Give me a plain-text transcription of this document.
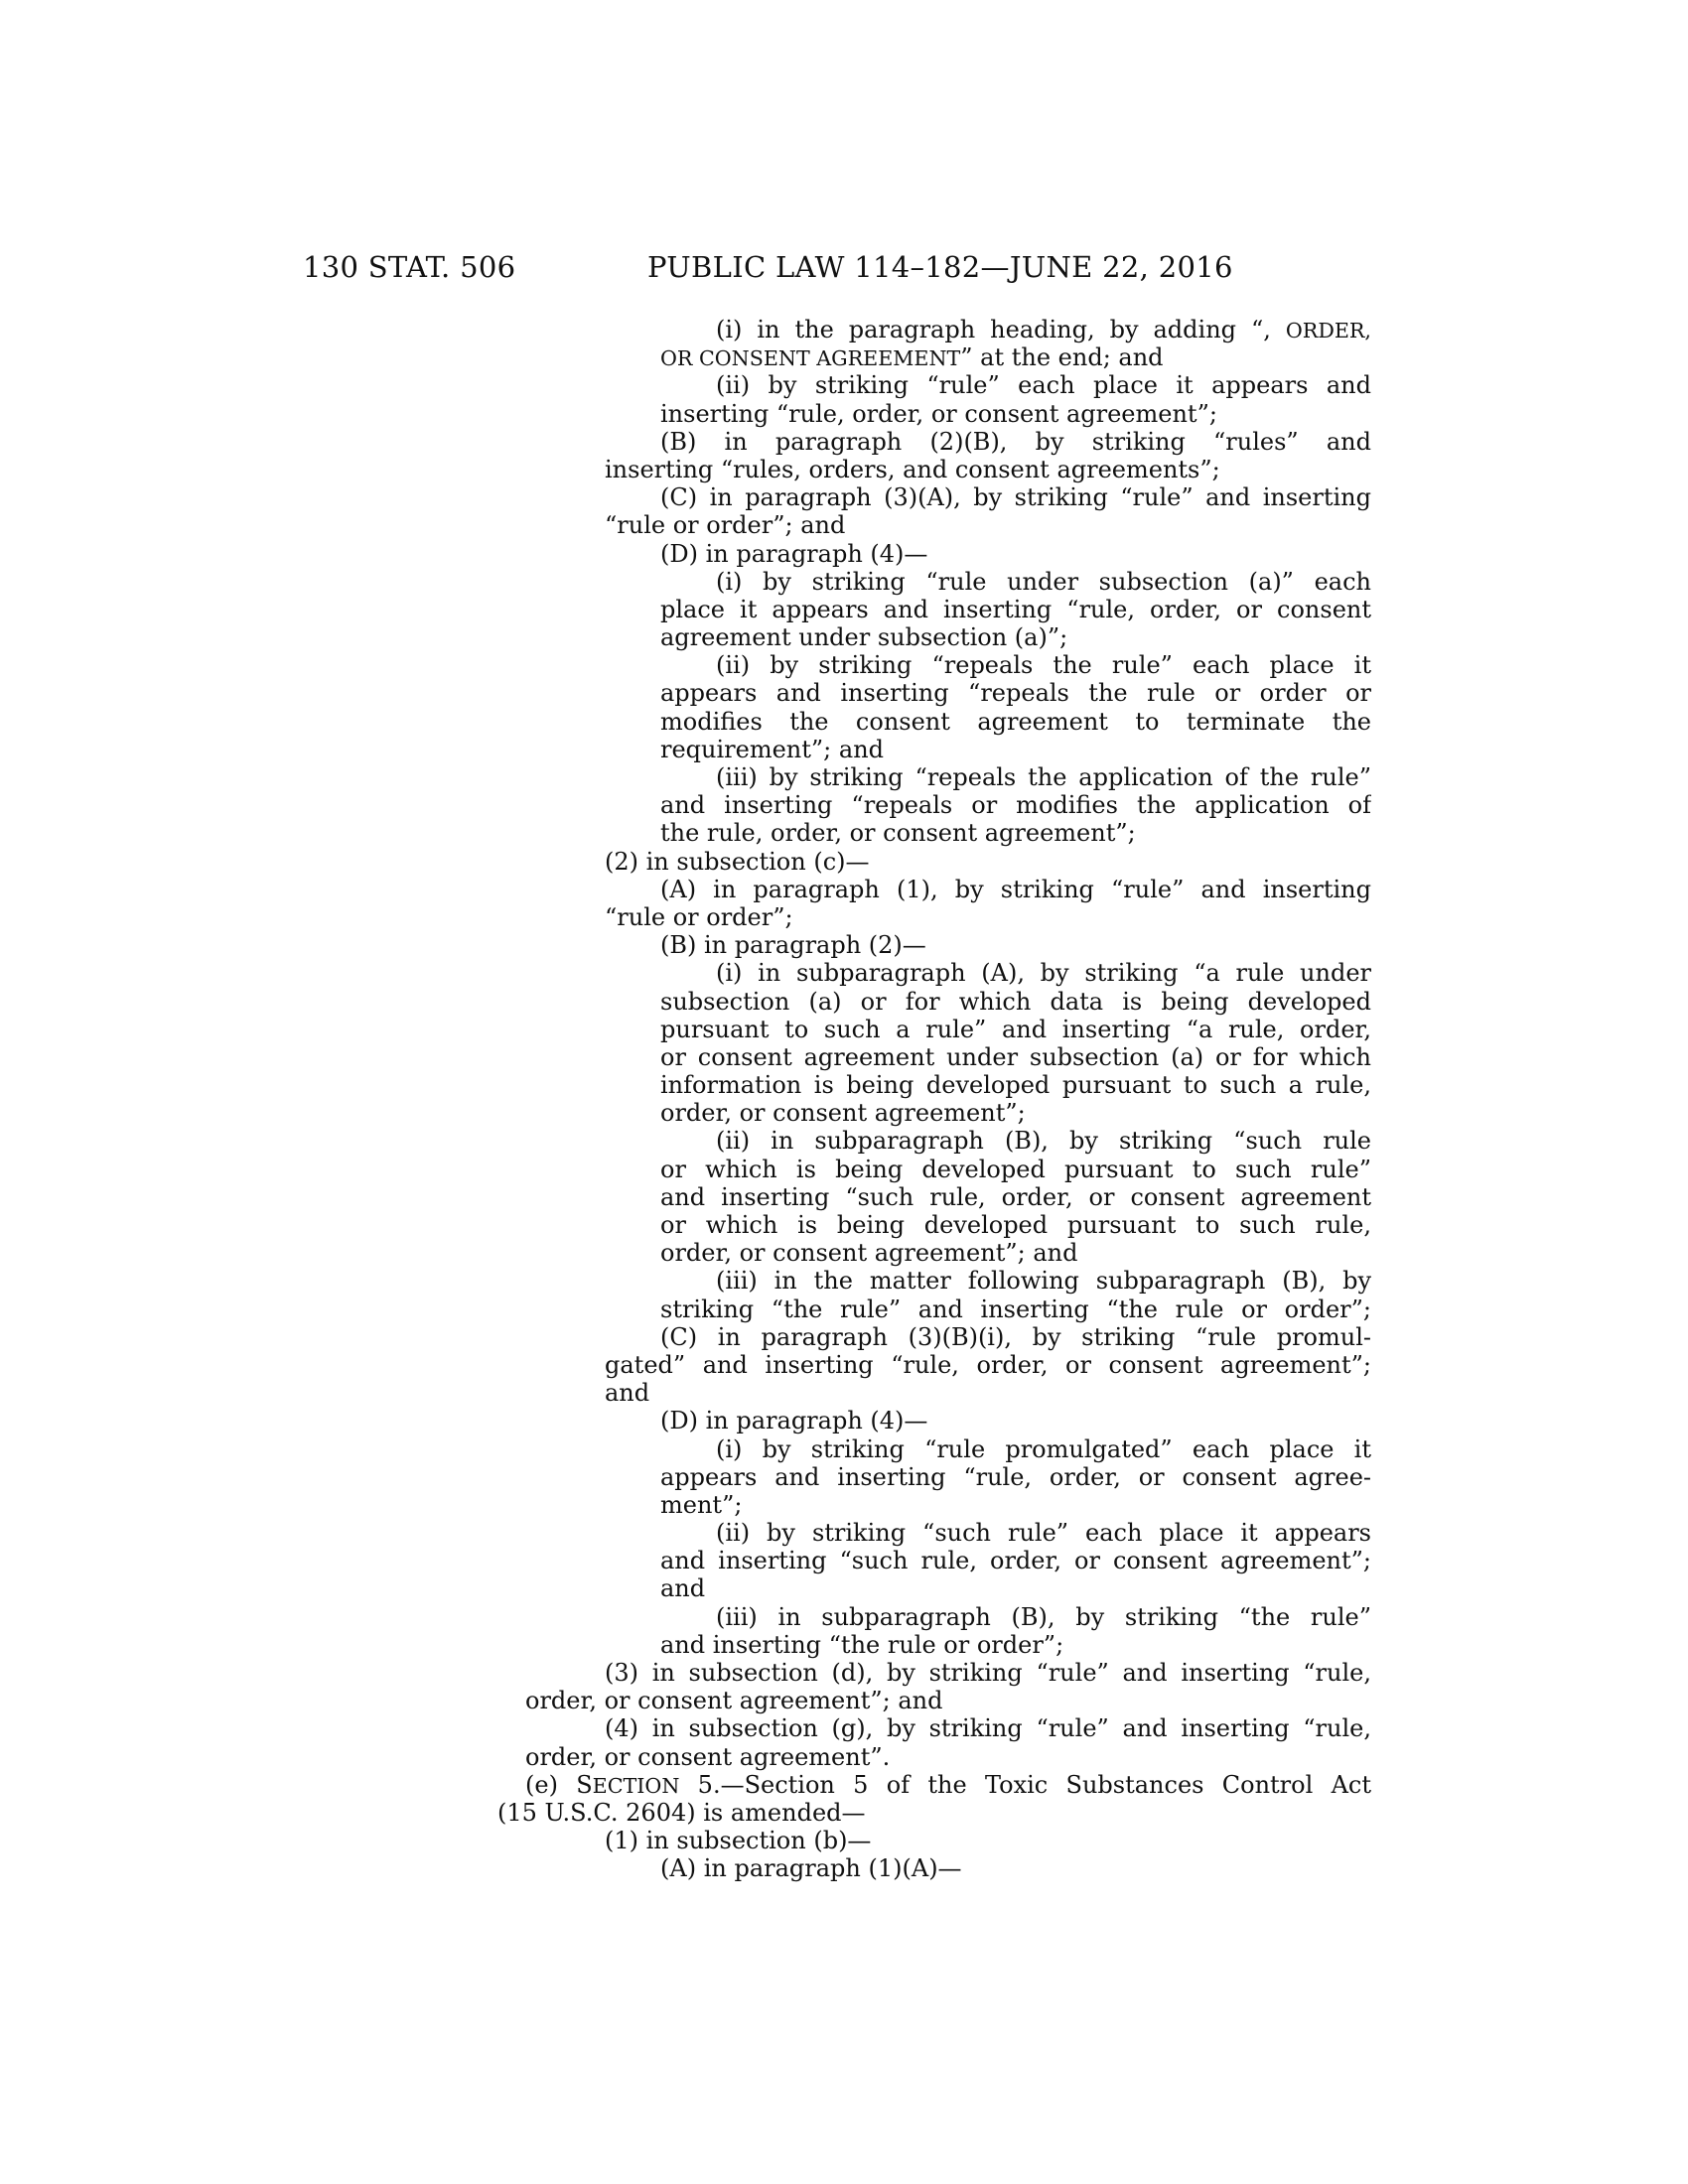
130 STAT. 506	PUBLIC LAW 114–182—JUNE 22, 2016
(i) in the paragraph heading, by adding “, ORDER,
OR CONSENT AGREEMENT” at the end; and
(ii) by striking “rule” each place it appears and
inserting “rule, order, or consent agreement”;
(B) in paragraph (2)(B), by striking “rules” and
inserting “rules, orders, and consent agreements”;
(C) in paragraph (3)(A), by striking “rule” and inserting
“rule or order”; and
(D) in paragraph (4)—
(i) by striking “rule under subsection (a)” each
place it appears and inserting “rule, order, or consent
agreement under subsection (a)”;
(ii) by striking “repeals the rule” each place it
appears and inserting “repeals the rule or order or
modifies the consent agreement to terminate the
requirement”; and
(iii) by striking “repeals the application of the rule”
and inserting “repeals or modifies the application of
the rule, order, or consent agreement”;
(2) in subsection (c)—
(A) in paragraph (1), by striking “rule” and inserting
“rule or order”;
(B) in paragraph (2)—
(i) in subparagraph (A), by striking “a rule under
subsection (a) or for which data is being developed
pursuant to such a rule” and inserting “a rule, order,
or consent agreement under subsection (a) or for which
information is being developed pursuant to such a rule,
order, or consent agreement”;
(ii) in subparagraph (B), by striking “such rule
or which is being developed pursuant to such rule”
and inserting “such rule, order, or consent agreement
or which is being developed pursuant to such rule,
order, or consent agreement”; and
(iii) in the matter following subparagraph (B), by
striking “the rule” and inserting “the rule or order”;
(C) in paragraph (3)(B)(i), by striking “rule promul-
gated” and inserting “rule, order, or consent agreement”;
and
(D) in paragraph (4)—
(i) by striking “rule promulgated” each place it
appears and inserting “rule, order, or consent agree-
ment”;
(ii) by striking “such rule” each place it appears
and inserting “such rule, order, or consent agreement”;
and
(iii) in subparagraph (B), by striking “the rule”
and inserting “the rule or order”;
(3) in subsection (d), by striking “rule” and inserting “rule,
order, or consent agreement”; and
(4) in subsection (g), by striking “rule” and inserting “rule,
order, or consent agreement”.
(e) SECTION 5.—Section 5 of the Toxic Substances Control Act
(15 U.S.C. 2604) is amended—
(1) in subsection (b)—
(A) in paragraph (1)(A)—
